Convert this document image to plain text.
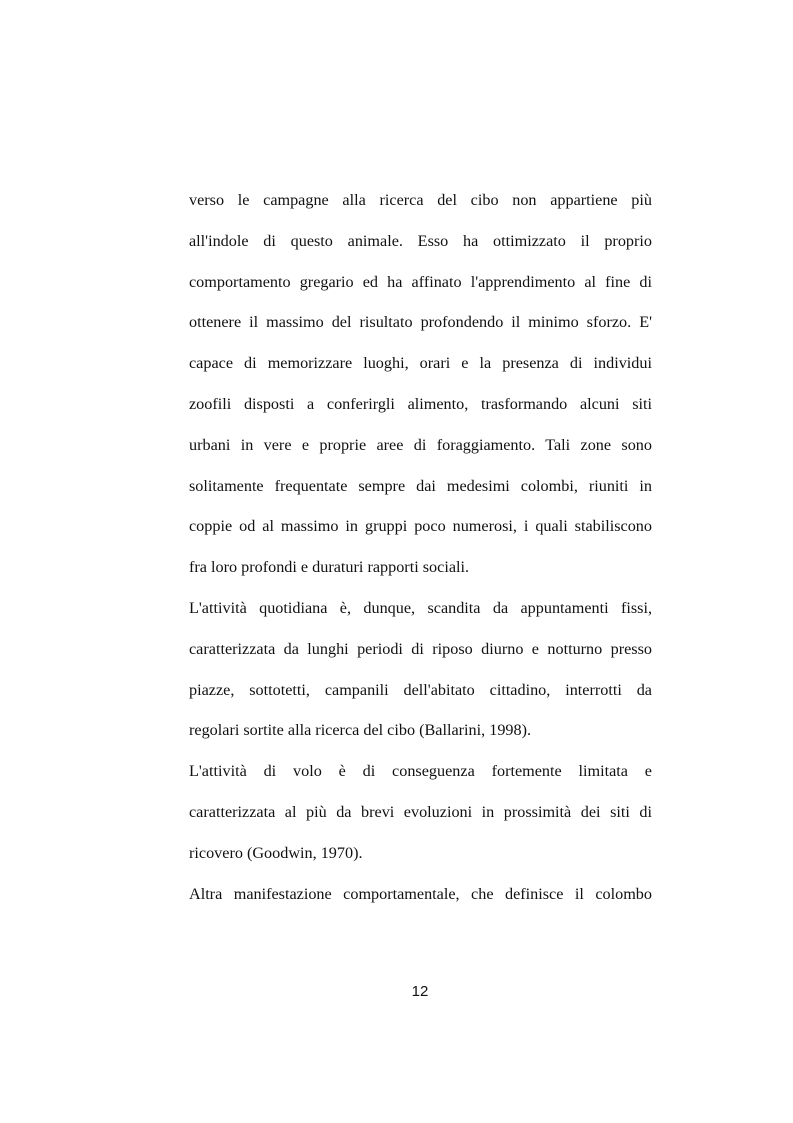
verso le campagne alla ricerca del cibo non appartiene più
all'indole di questo animale. Esso ha ottimizzato il proprio
comportamento gregario ed ha affinato l'apprendimento al fine di
ottenere il massimo del risultato profondendo il minimo sforzo. E'
capace di memorizzare luoghi, orari e la presenza di individui
zoofili disposti a conferirgli alimento, trasformando alcuni siti
urbani in vere e proprie aree di foraggiamento. Tali zone sono
solitamente frequentate sempre dai medesimi colombi, riuniti in
coppie od al massimo in gruppi poco numerosi, i quali stabiliscono
fra loro profondi e duraturi rapporti sociali.
L'attività quotidiana è, dunque, scandita da appuntamenti fissi,
caratterizzata da lunghi periodi di riposo diurno e notturno presso
piazze, sottotetti, campanili dell'abitato cittadino, interrotti da
regolari sortite alla ricerca del cibo (Ballarini, 1998).
L'attività di volo è di conseguenza fortemente limitata e
caratterizzata al più da brevi evoluzioni in prossimità dei siti di
ricovero (Goodwin, 1970).
Altra manifestazione comportamentale, che definisce il colombo
12
